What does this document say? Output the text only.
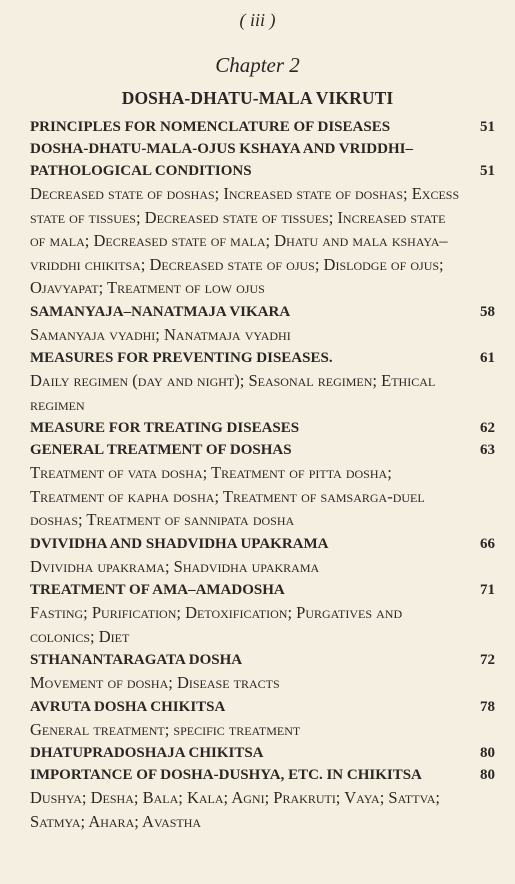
( iii )
Chapter 2
DOSHA-DHATU-MALA VIKRUTI
PRINCIPLES FOR NOMENCLATURE OF DISEASES	51
DOSHA-DHATU-MALA-OJUS KSHAYA AND VRIDDHI–PATHOLOGICAL CONDITIONS	51
Decreased state of doshas; Increased state of doshas; Excess state of tissues; Decreased state of tissues; Increased state of mala; Decreased state of mala; Dhatu and mala kshaya–vriddhi chikitsa; Decreased state of ojus; Dislodge of ojus; Ojavyapat; Treatment of low ojus
SAMANYAJA–NANATMAJA VIKARA	58
Samanyaja vyadhi; Nanatmaja vyadhi
MEASURES FOR PREVENTING DISEASES.	61
Daily regimen (day and night); Seasonal regimen; Ethical regimen
MEASURE FOR TREATING DISEASES	62
GENERAL TREATMENT OF DOSHAS	63
Treatment of vata dosha; Treatment of pitta dosha; Treatment of kapha dosha; Treatment of samsarga-duel doshas; Treatment of sannipata dosha
DVIVIDHA AND SHADVIDHA UPAKRAMA	66
Dvividha upakrama; Shadvidha upakrama
TREATMENT OF AMA–AMADOSHA	71
Fasting; Purification; Detoxification; Purgatives and colonics; Diet
STHANANTARAGATA DOSHA	72
Movement of dosha; Disease tracts
AVRUTA DOSHA CHIKITSA	78
General treatment; specific treatment
DHATUPRADOSHAJA CHIKITSA	80
IMPORTANCE OF DOSHA-DUSHYA, ETC. IN CHIKITSA	80
Dushya; Desha; Bala; Kala; Agni; Prakruti; Vaya; Sattva; Satmya; Ahara; Avastha
